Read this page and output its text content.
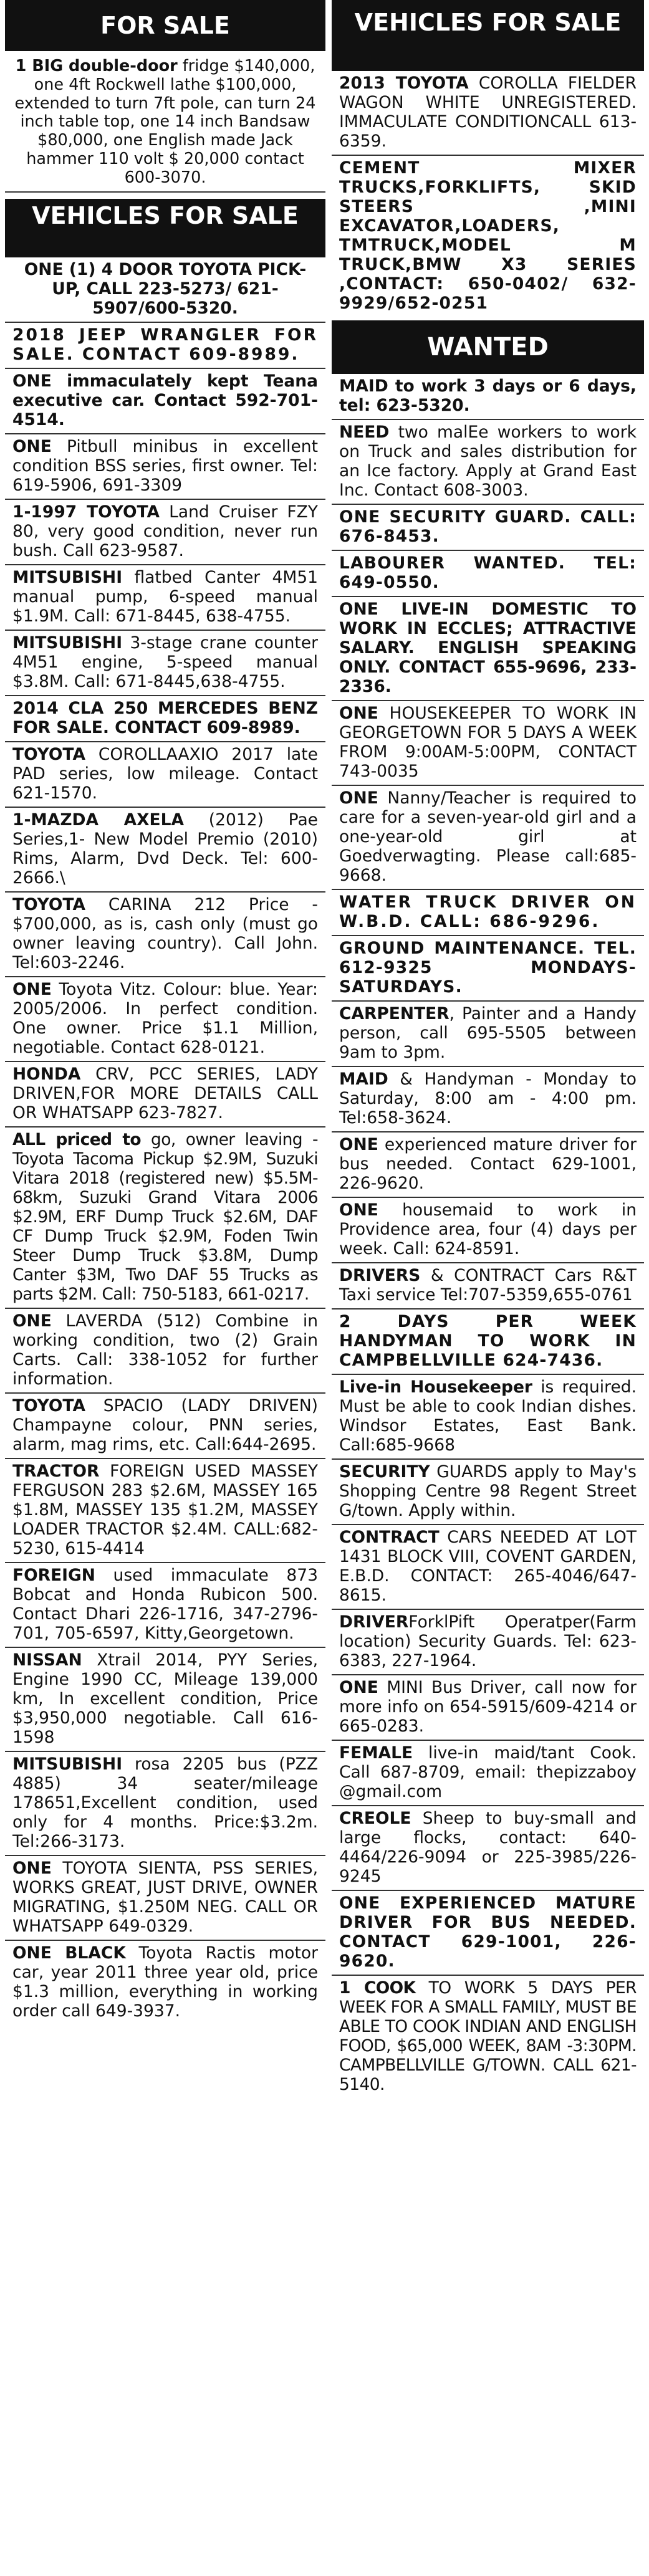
FOR SALE
1 BIG double-door fridge $140,000, one 4ft Rockwell lathe $100,000, extended to turn 7ft pole, can turn 24 inch table top, one 14 inch Bandsaw $80,000, one English made Jack hammer 110 volt $ 20,000 contact 600-3070.
VEHICLES FOR SALE
ONE (1) 4 DOOR TOYOTA PICK-UP, CALL 223-5273/ 621-5907/600-5320.
2018 JEEP WRANGLER FOR SALE. CONTACT 609-8989.
ONE immaculately kept Teana executive car. Contact 592-701-4514.
ONE Pitbull minibus in excellent condition BSS series, first owner. Tel: 619-5906, 691-3309
1-1997 TOYOTA Land Cruiser FZY 80, very good condition, never run bush. Call 623-9587.
MITSUBISHI flatbed Canter 4M51 manual pump, 6-speed manual $1.9M. Call: 671-8445, 638-4755.
MITSUBISHI 3-stage crane counter 4M51 engine, 5-speed manual $3.8M. Call: 671-8445,638-4755.
2014 CLA 250 MERCEDES BENZ FOR SALE. CONTACT 609-8989.
TOYOTA COROLLAAXIO 2017 late PAD series, low mileage. Contact 621-1570.
1-MAZDA AXELA (2012) Pae Series,1- New Model Premio (2010) Rims, Alarm, Dvd Deck. Tel: 600-2666.\
TOYOTA CARINA 212 Price - $700,000, as is, cash only (must go owner leaving country). Call John. Tel:603-2246.
ONE Toyota Vitz. Colour: blue. Year: 2005/2006. In perfect condition. One owner. Price $1.1 Million, negotiable. Contact 628-0121.
HONDA CRV, PCC SERIES, LADY DRIVEN,FOR MORE DETAILS CALL OR WHATSAPP 623-7827.
ALL priced to go, owner leaving - Toyota Tacoma Pickup $2.9M, Suzuki Vitara 2018 (registered new) $5.5M-68km, Suzuki Grand Vitara 2006 $2.9M, ERF Dump Truck $2.6M, DAF CF Dump Truck $2.9M, Foden Twin Steer Dump Truck $3.8M, Dump Canter $3M, Two DAF 55 Trucks as parts $2M. Call: 750-5183, 661-0217.
ONE LAVERDA (512) Combine in working condition, two (2) Grain Carts. Call: 338-1052 for further information.
TOYOTA SPACIO (LADY DRIVEN) Champayne colour, PNN series, alarm, mag rims, etc. Call:644-2695.
TRACTOR FOREIGN USED MASSEY FERGUSON 283 $2.6M, MASSEY 165 $1.8M, MASSEY 135 $1.2M, MASSEY LOADER TRACTOR $2.4M. CALL:682-5230, 615-4414
FOREIGN used immaculate 873 Bobcat and Honda Rubicon 500. Contact Dhari 226-1716, 347-2796-701, 705-6597, Kitty,Georgetown.
NISSAN Xtrail 2014, PYY Series, Engine 1990 CC, Mileage 139,000 km, In excellent condition, Price $3,950,000 negotiable. Call 616-1598
MITSUBISHI rosa 2205 bus (PZZ 4885) 34 seater/mileage 178651,Excellent condition, used only for 4 months. Price:$3.2m. Tel:266-3173.
ONE TOYOTA SIENTA, PSS SERIES, WORKS GREAT, JUST DRIVE, OWNER MIGRATING, $1.250M NEG. CALL OR WHATSAPP 649-0329.
ONE BLACK Toyota Ractis motor car, year 2011 three year old, price $1.3 million, everything in working order call 649-3937.
VEHICLES FOR SALE
2013 TOYOTA COROLLA FIELDER WAGON WHITE UNREGISTERED. IMMACULATE CONDITIONCALL 613-6359.
CEMENT MIXER TRUCKS,FORKLIFTS, SKID STEERS ,MINI EXCAVATOR,LOADERS, TMTRUCK,MODEL M TRUCK,BMW X3 SERIES ,CONTACT: 650-0402/ 632-9929/652-0251
WANTED
MAID to work 3 days or 6 days, tel: 623-5320.
NEED two malEe workers to work on Truck and sales distribution for an Ice factory. Apply at Grand East Inc. Contact 608-3003.
ONE SECURITY GUARD. CALL: 676-8453.
LABOURER WANTED. TEL: 649-0550.
ONE LIVE-IN DOMESTIC TO WORK IN ECCLES; ATTRACTIVE SALARY. ENGLISH SPEAKING ONLY. CONTACT 655-9696, 233-2336.
ONE HOUSEKEEPER TO WORK IN GEORGETOWN FOR 5 DAYS A WEEK FROM 9:00AM-5:00PM, CONTACT 743-0035
ONE Nanny/Teacher is required to care for a seven-year-old girl and a one-year-old girl at Goedverwagting. Please call:685-9668.
WATER TRUCK DRIVER ON W.B.D. CALL: 686-9296.
GROUND MAINTENANCE. TEL. 612-9325 MONDAYS-SATURDAYS.
CARPENTER, Painter and a Handy person, call 695-5505 between 9am to 3pm.
MAID & Handyman - Monday to Saturday, 8:00 am - 4:00 pm. Tel:658-3624.
ONE experienced mature driver for bus needed. Contact 629-1001, 226-9620.
ONE housemaid to work in Providence area, four (4) days per week. Call: 624-8591.
DRIVERS & CONTRACT Cars R&T Taxi service Tel:707-5359,655-0761
2 DAYS PER WEEK HANDYMAN TO WORK IN CAMPBELLVILLE 624-7436.
Live-in Housekeeper is required. Must be able to cook Indian dishes. Windsor Estates, East Bank. Call:685-9668
SECURITY GUARDS apply to May's Shopping Centre 98 Regent Street G/town. Apply within.
CONTRACT CARS NEEDED AT LOT 1431 BLOCK VIII, COVENT GARDEN, E.B.D. CONTACT: 265-4046/647-8615.
DRIVERForklPift Operatper(Farm location) Security Guards. Tel: 623-6383, 227-1964.
ONE MINI Bus Driver, call now for more info on 654-5915/609-4214 or 665-0283.
FEMALE live-in maid/tant Cook. Call 687-8709, email: thepizzaboy @gmail.com
CREOLE Sheep to buy-small and large flocks, contact: 640-4464/226-9094 or 225-3985/226-9245
ONE EXPERIENCED MATURE DRIVER FOR BUS NEEDED. CONTACT 629-1001, 226-9620.
1 COOK TO WORK 5 DAYS PER WEEK FOR A SMALL FAMILY, MUST BE ABLE TO COOK INDIAN AND ENGLISH FOOD, $65,000 WEEK, 8AM -3:30PM. CAMPBELLVILLE G/TOWN. CALL 621-5140.
